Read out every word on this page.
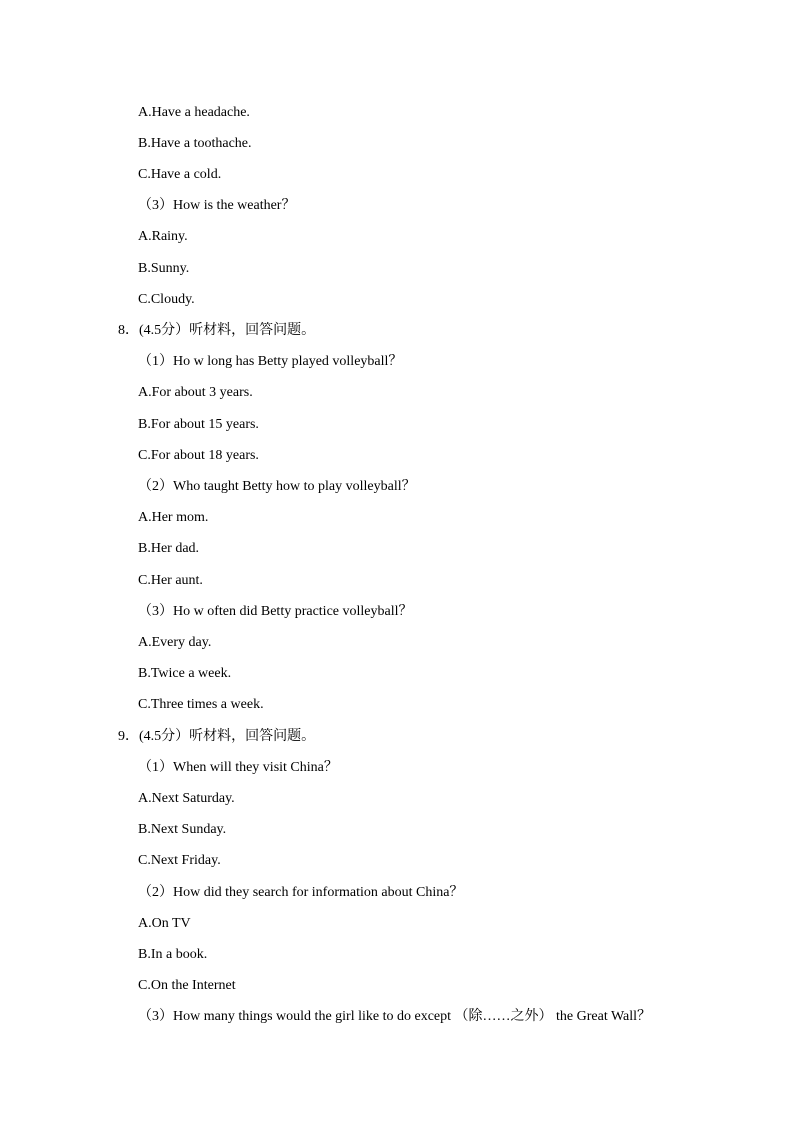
A.Have a headache.
B.Have a toothache.
C.Have a cold.
（3）How is the weather？
A.Rainy.
B.Sunny.
C.Cloudy.
8．(4.5分）听材料，回答问题。
（1）Ho w long has Betty played volleyball？
A.For about 3 years.
B.For about 15 years.
C.For about 18 years.
（2）Who taught Betty how to play volleyball？
A.Her mom.
B.Her dad.
C.Her aunt.
（3）Ho w often did Betty practice volleyball？
A.Every day.
B.Twice a week.
C.Three times a week.
9．(4.5分）听材料，回答问题。
（1）When will they visit China？
A.Next Saturday.
B.Next Sunday.
C.Next Friday.
（2）How did they search for information about China？
A.On TV
B.In a book.
C.On the Internet
（3）How many things would the girl like to do except （除……之外） the Great Wall？
